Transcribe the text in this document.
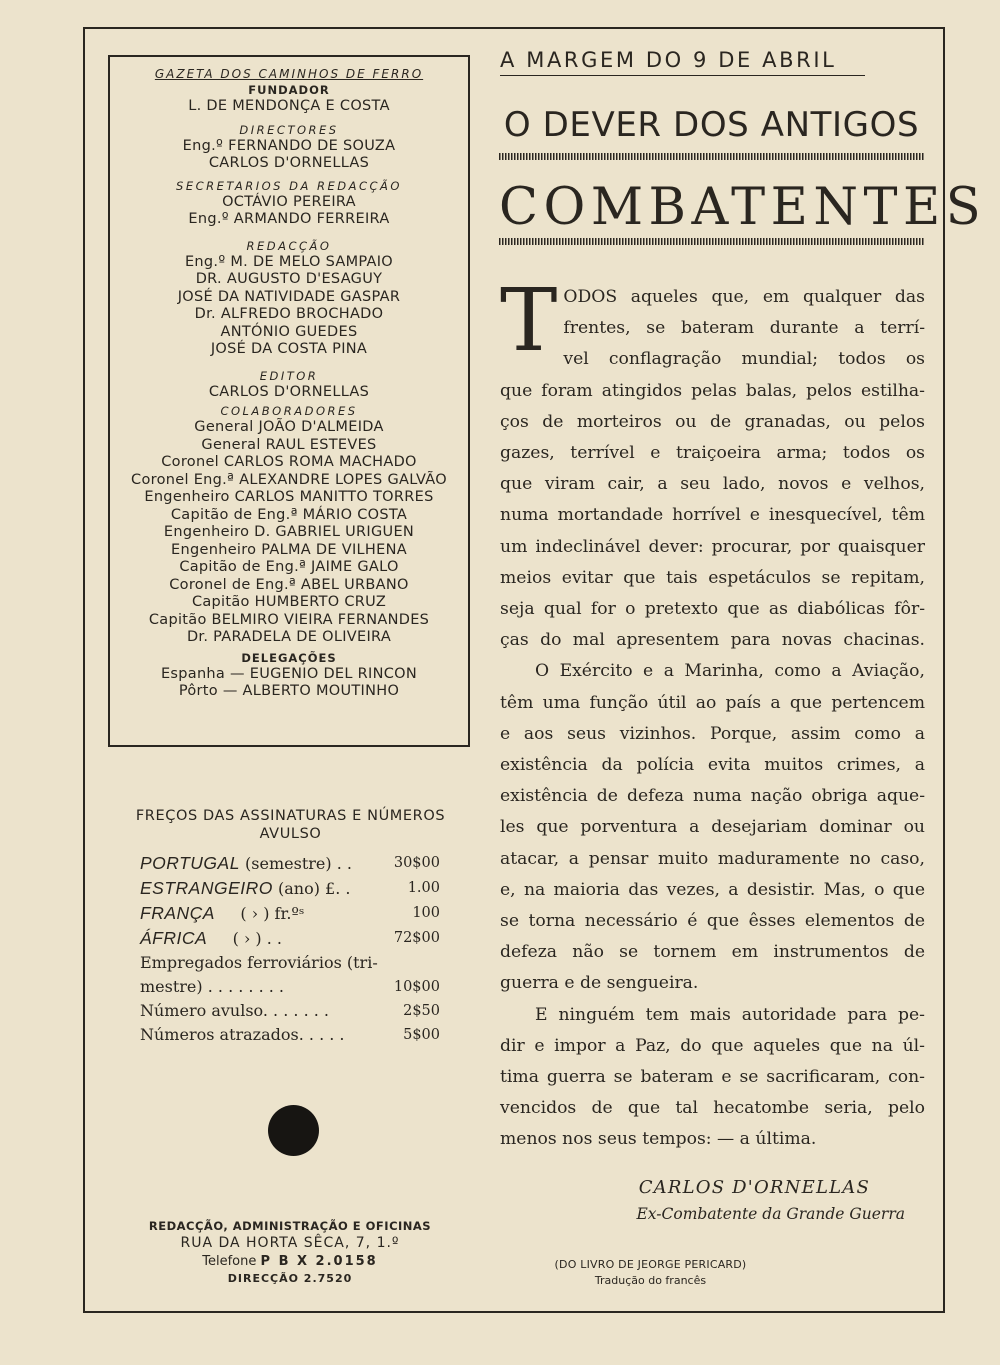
GAZETA DOS CAMINHOS DE FERRO
FUNDADOR
L. DE MENDONÇA E COSTA
DIRECTORES
Eng.º FERNANDO DE SOUZA
CARLOS D'ORNELLAS
SECRETARIOS DA REDACÇÃO
OCTÁVIO PEREIRA
Eng.º ARMANDO FERREIRA
REDACÇÃO
Eng.º M. DE MELO SAMPAIO
DR. AUGUSTO D'ESAGUY
JOSÉ DA NATIVIDADE GASPAR
Dr. ALFREDO BROCHADO
ANTÓNIO GUEDES
JOSÉ DA COSTA PINA
EDITOR
CARLOS D'ORNELLAS
COLABORADORES
General JOÃO D'ALMEIDA
General RAUL ESTEVES
Coronel CARLOS ROMA MACHADO
Coronel Eng.ª ALEXANDRE LOPES GALVÃO
Engenheiro CARLOS MANITTO TORRES
Capitão de Eng.ª MÁRIO COSTA
Engenheiro D. GABRIEL URIGUEN
Engenheiro PALMA DE VILHENA
Capitão de Eng.ª JAIME GALO
Coronel de Eng.ª ABEL URBANO
Capitão HUMBERTO CRUZ
Capitão BELMIRO VIEIRA FERNANDES
Dr. PARADELA DE OLIVEIRA
DELEGAÇÕES
Espanha — EUGENIO DEL RINCON
Pôrto — ALBERTO MOUTINHO
FREÇOS DAS ASSINATURAS E NÚMEROS AVULSO
PORTUGAL (semestre) . .	30$00
ESTRANGEIRO (ano) £. .	1.00
FRANÇA     ( › ) fr.ºˢ	100
ÁFRICA     ( › ) . .	72$00
Empregados ferroviários (tri-
mestre) . . . . . . . .	10$00
Número avulso. . . . . . .	2$50
Números atrazados. . . . .	5$00
REDACÇÃO, ADMINISTRAÇÃO E OFICINAS
RUA DA HORTA SÊCA, 7, 1.º
Telefone P B X 2.0158
DIRECÇÃO 2.7520
A MARGEM DO 9 DE ABRIL
O DEVER DOS ANTIGOS
COMBATENTES
T ODOS aqueles que, em qualquer das
frentes, se bateram durante a terrí-
vel conflagração mundial; todos os
que foram atingidos pelas balas, pelos estilha-
ços de morteiros ou de granadas, ou pelos
gazes, terrível e traiçoeira arma; todos os
que viram cair, a seu lado, novos e velhos,
numa mortandade horrível e inesquecível, têm
um indeclinável dever: procurar, por quaisquer
meios evitar que tais espetáculos se repitam,
seja qual for o pretexto que as diabólicas fôr-
ças do mal apresentem para novas chacinas.
O Exército e a Marinha, como a Aviação,
têm uma função útil ao país a que pertencem
e aos seus vizinhos. Porque, assim como a
existência da polícia evita muitos crimes, a
existência de defeza numa nação obriga aque-
les que porventura a desejariam dominar ou
atacar, a pensar muito maduramente no caso,
e, na maioria das vezes, a desistir. Mas, o que
se torna necessário é que êsses elementos de
defeza não se tornem em instrumentos de
guerra e de sengueira.
E ninguém tem mais autoridade para pe-
dir e impor a Paz, do que aqueles que na úl-
tima guerra se bateram e se sacrificaram, con-
vencidos de que tal hecatombe seria, pelo
menos nos seus tempos: — a última.
CARLOS D'ORNELLAS
Ex-Combatente da Grande Guerra
(DO LIVRO DE JEORGE PERICARD)
Tradução do francês
